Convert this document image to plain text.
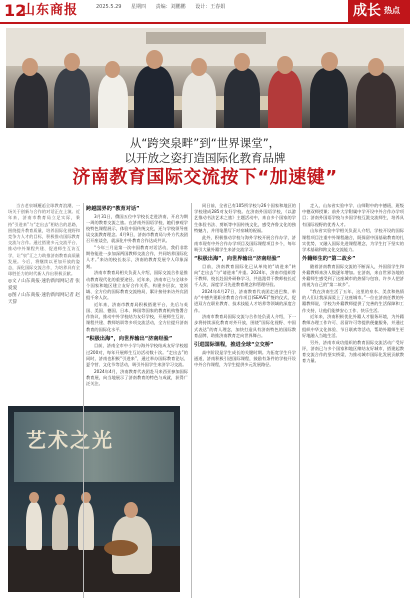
12
山东商报	2025.5.29 星期四 责编：刘鹏鹏 设计：王春娟	成长 热点
从“跨突泉畔”到“世界课堂”，
以开放之姿打造国际化教育品牌
济南教育国际交流按下“加速键”

当古老泉城邂逅全球教育浪潮，一场关于创新与合作的对话正在上演。近年来，济南市教育局立足实际，秉持“引进来”与“走出去”相结合的思路，围绕提升教育质量，培养国际化视野和竞争力人才的目标，积极推动国际教育交流与合作。通过搭建多元交流平台、推动中外课程共建、促进师生互访互学，让“泉”汇之力助推济南教育高质量发展。今后，将继续以更加开放的姿态，深化国际交流合作，为培养具有全球胜任力的时代新人作出积极贡献。

◎文 / 山东商报·速豹新闻网记者 张爱爱

◎图 / 山东商报·速豹新闻网记者 赵天辞

艺术之光

跨越国界的“教育对话”

3月31日，俄国五位中学校长走进济南，开启为期一周的教育交流之旅。在济南外国语学校，她们参观学校特色课程展示，体验中国传统文化，还与学校领导座谈交流教育理念。4月9日，济南市教育局与外方代表团召开座谈会，就深化中外教育合作达成共识。

“今年三月是第一次中国教育对话活动，我们非常期待能进一步加深两国教师交流合作，共同培养国际化人才。”来访的校长表示，济南的教育发展令人印象深刻。

济南市教育局相关负责人介绍，国际交流合作是推动教育现代化的重要途径。近年来，济南市已与全球多个国家和地区建立友好合作关系，构建多层次、宽领域、全方位的国际教育交流格局，累计接待来访外宾团组千余人次。

近年来，济南市教育局积极搭建平台，先后与英国、美国、德国、日本、韩国等国家的教育机构签署合作协议，推动中外学校结为友好学校，开展师生互访、课程共建、教师培训等多项交流活动，全方位提升济南教育的国际化水平。

“积极出海”，向世界输出“济南经验”

目前，济南全市中小学与海外学校结成友好学校超过200对，每年开展师生互访活动数十次。“走出去”的同时，济南也积极“引进来”，通过举办国际教育论坛、夏令营、文化节等活动，吸引外国学生来济学习交流。

2024年4月，济南教育代表团赴马来西亚参加国际教育展，向当地展示了济南教育的特色与成就，获得广泛关注。

同日前，全省已有105所学校与26个国家和地区的学校建成285对友好学校。在济南外国语学校，《以游艺推动书法艺术之旅》主题活动中，来自多个国家的学生体验书法、剪纸等中国传统文化，感受齐鲁文化的独特魅力，并用笔墨写下对泉城的祝福。

此外，积极推动学校与海外学校开展合作办学，济南市现有中外合作办学项目及国际课程项目多个，每年吸引大量外籍学生来济交流学习。

“积极出海”，向世界输出“济南经验”

目前，济南教育国际化已从单纯的“请进来”转向“走出去”与“请进来”并重。2024年，济南市组织骨干教师、校长赴国外研修学习，共选派骨干教师校长近千人次，深度学习先进教育理念和管理经验。

2024年4月27日，济南教育代表团走进巴黎，举办“中德共建职业教育合作项目(SEAVE)”签约仪式，促进双方在职业教育、技术技能人才培养等领域的深度合作。

济南市教育局国际交流与合作处负责人介绍，下一步将持续深化教育对外开放，围绕“国际化视野、中国式表达”的育人理念，加快打造具有济南特色的国际教育品牌，助推济南教育走向世界舞台。

引进国际课程，推进全球“立交桥”

高中阶段是学生成长的关键时期。为拓宽学生升学通道，济南积极引进国际课程，鼓励有条件的学校开设中外合作课程，为学生提供多元发展路径。

走入，山东省实验中学、山师附中的中德班，班级中德双师授课；前外大学附属中学开设中外合作办学项目；济南外国语学校与多国学校互派交流师生，培养具有国际视野的优秀人才。

山东省实验中学相关负责人介绍，学校开设的国际课程项目注重中外课程融合，既保留中国基础教育的扎实优势，又融入国际先进课程理念，为学生打下坚实的学术基础和跨文化交流能力。

外籍师生的“第二故乡”

随着济南教育国际交流的不断深入，外国留学生和外籍教师来济人数逐年增加。在济南，来自世界各地的外籍师生感受到了这座城市的热情与包容，许多人把济南视为自己的“第二故乡”。

“我在济南生活了五年，这里的泉水、美食和热情的人们让我深深爱上了这座城市。”一位在济南任教的外籍教师说，学校为外籍教师提供了完善的生活保障和工作支持，让他们能够安心工作、快乐生活。

近年来，济南积极优化外籍人才服务环境，为外籍教师办理工作许可、居留许可等提供便捷服务，并通过组织中华文化体验、节日联欢等活动，帮助外籍师生更好地融入当地生活。

另外，济南市成功组织的教育国际交流活动广受好评，济南已与多个国家和地区缔结友好城市，搭建起教育交流合作的坚实桥梁，为推动城市国际化发展贡献教育力量。
